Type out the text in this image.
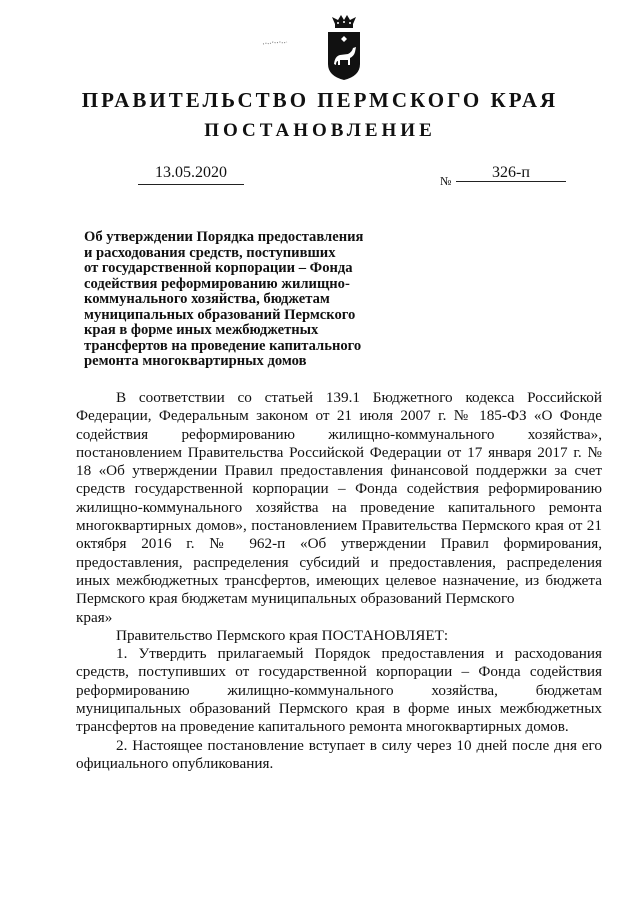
ПРАВИТЕЛЬСТВО ПЕРМСКОГО КРАЯ
ПОСТАНОВЛЕНИЕ
13.05.2020	№	326-п
Об утверждении Порядка предоставления
и расходования средств, поступивших
от государственной корпорации – Фонда
содействия реформированию жилищно-
коммунального хозяйства, бюджетам
муниципальных образований Пермского
края в форме иных межбюджетных
трансфертов на проведение капитального
ремонта многоквартирных домов

В соответствии со статьей 139.1 Бюджетного кодекса Российской Федерации, Федеральным законом от 21 июля 2007 г. № 185-ФЗ «О Фонде содействия реформированию жилищно-коммунального хозяйства», постановлением Правительства Российской Федерации от 17 января 2017 г. № 18 «Об утверждении Правил предоставления финансовой поддержки за счет средств государственной корпорации – Фонда содействия реформированию жилищно-коммунального хозяйства на проведение капитального ремонта многоквартирных домов», постановлением Правительства Пермского края от 21 октября 2016 г. № 962-п «Об утверждении Правил формирования, предоставления, распределения субсидий и предоставления, распределения иных межбюджетных трансфертов, имеющих целевое назначение, из бюджета Пермского края бюджетам муниципальных образований Пермского

края»

Правительство Пермского края ПОСТАНОВЛЯЕТ:

1. Утвердить прилагаемый Порядок предоставления и расходования средств, поступивших от государственной корпорации – Фонда содействия реформированию жилищно-коммунального хозяйства, бюджетам муниципальных образований Пермского края в форме иных межбюджетных трансфертов на проведение капитального ремонта многоквартирных домов.

2. Настоящее постановление вступает в силу через 10 дней после дня его официального опубликования.
